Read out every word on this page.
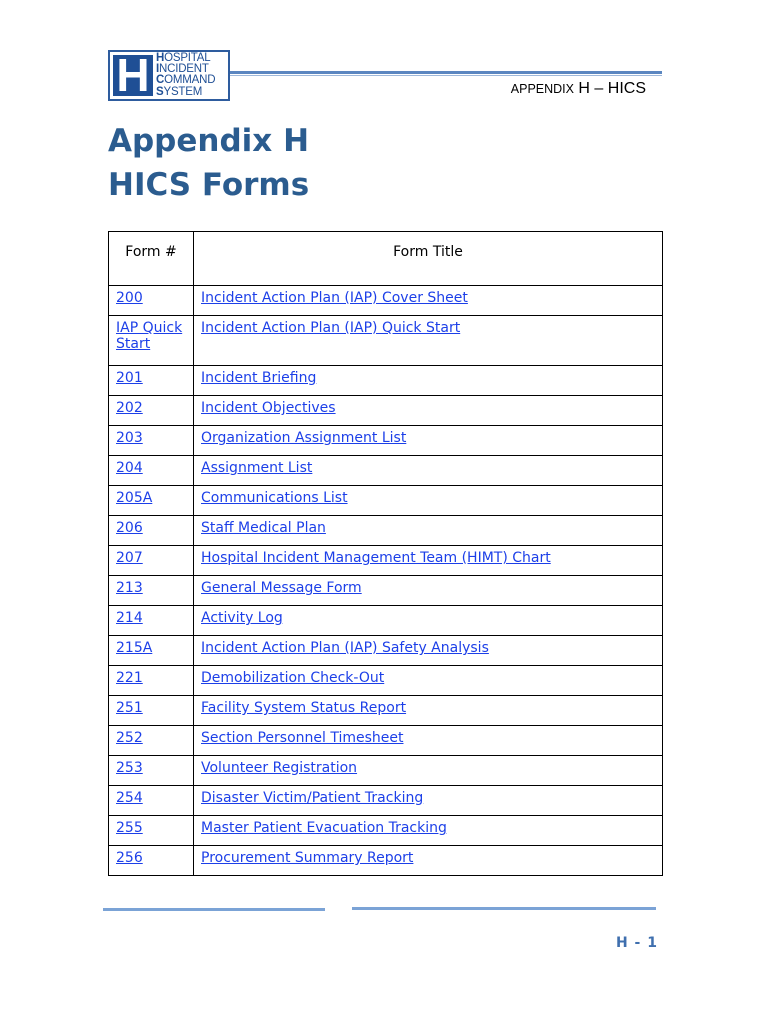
H HOSPITAL
INCIDENT
COMMAND
SYSTEM	APPENDIX H – HICS
Appendix H
HICS Forms
Form #	Form Title
200	Incident Action Plan (IAP) Cover Sheet
IAP Quick Start	Incident Action Plan (IAP) Quick Start
201	Incident Briefing
202	Incident Objectives
203	Organization Assignment List
204	Assignment List
205A	Communications List
206	Staff Medical Plan
207	Hospital Incident Management Team (HIMT) Chart
213	General Message Form
214	Activity Log
215A	Incident Action Plan (IAP) Safety Analysis
221	Demobilization Check-Out
251	Facility System Status Report
252	Section Personnel Timesheet
253	Volunteer Registration
254	Disaster Victim/Patient Tracking
255	Master Patient Evacuation Tracking
256	Procurement Summary Report
H - 1
